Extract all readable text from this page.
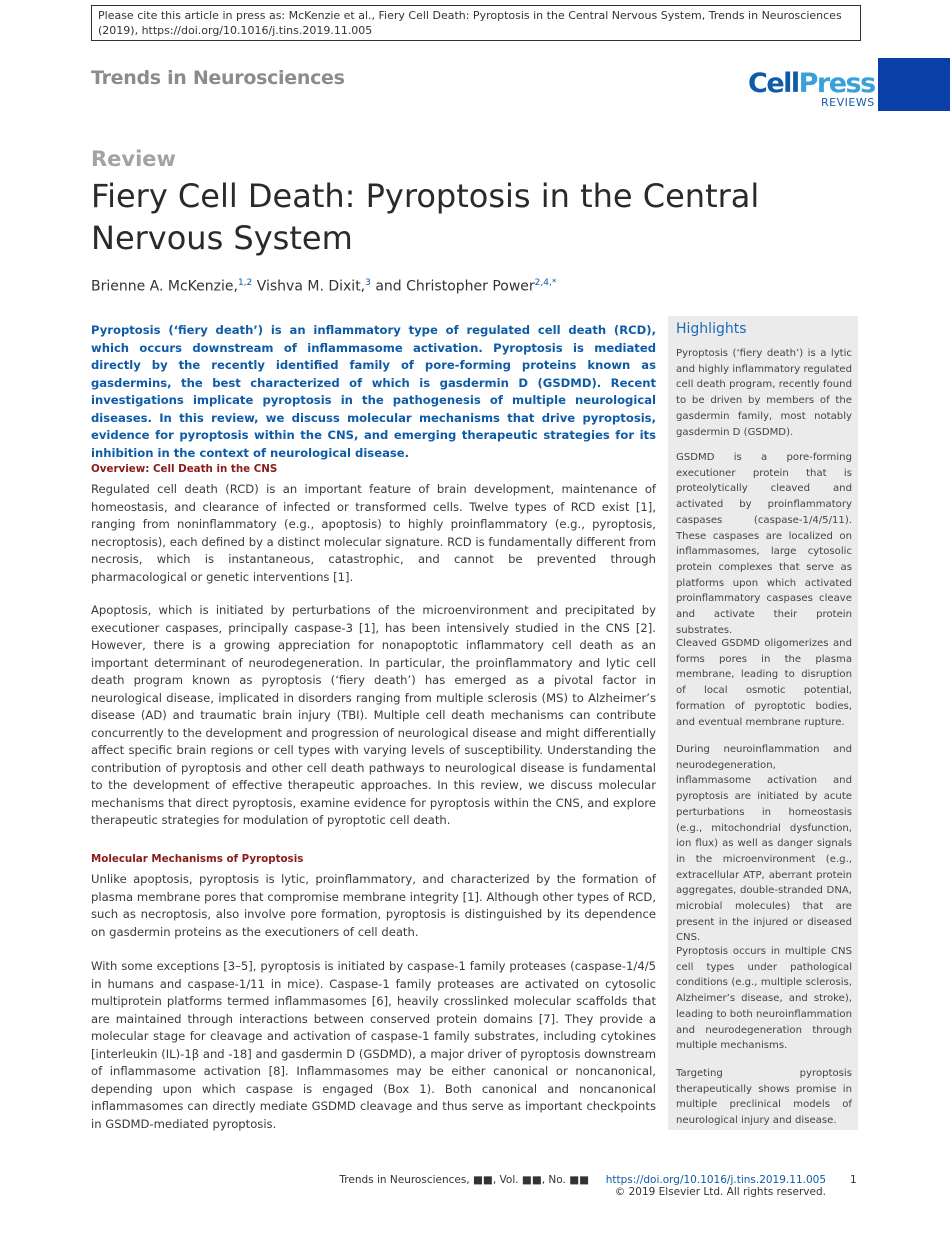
Please cite this article in press as: McKenzie et al., Fiery Cell Death: Pyroptosis in the Central Nervous System, Trends in Neurosciences (2019), https://doi.org/10.1016/j.tins.2019.11.005
Trends in Neurosciences	CellPress
REVIEWS
Review
Fiery Cell Death: Pyroptosis in the Central Nervous System
Brienne A. McKenzie,$^{1,2}$ Vishva M. Dixit,$^3$ and Christopher Power$^{2,4,*}$
Pyroptosis (‘fiery death’) is an inflammatory type of regulated cell death (RCD), which occurs downstream of inflammasome activation. Pyroptosis is mediated directly by the recently identified family of pore-forming proteins known as gasdermins, the best characterized of which is gasdermin D (GSDMD). Recent investigations implicate pyroptosis in the pathogenesis of multiple neurological diseases. In this review, we discuss molecular mechanisms that drive pyroptosis, evidence for pyroptosis within the CNS, and emerging therapeutic strategies for its inhibition in the context of neurological disease.
Overview: Cell Death in the CNS
Regulated cell death (RCD) is an important feature of brain development, maintenance of homeostasis, and clearance of infected or transformed cells. Twelve types of RCD exist [1], ranging from noninflammatory (e.g., apoptosis) to highly proinflammatory (e.g., pyroptosis, necroptosis), each defined by a distinct molecular signature. RCD is fundamentally different from necrosis, which is instantaneous, catastrophic, and cannot be prevented through pharmacological or genetic interventions [1].
Apoptosis, which is initiated by perturbations of the microenvironment and precipitated by executioner caspases, principally caspase-3 [1], has been intensively studied in the CNS [2]. However, there is a growing appreciation for nonapoptotic inflammatory cell death as an important determinant of neurodegeneration. In particular, the proinflammatory and lytic cell death program known as pyroptosis (‘fiery death’) has emerged as a pivotal factor in neurological disease, implicated in disorders ranging from multiple sclerosis (MS) to Alzheimer’s disease (AD) and traumatic brain injury (TBI). Multiple cell death mechanisms can contribute concurrently to the development and progression of neurological disease and might differentially affect specific brain regions or cell types with varying levels of susceptibility. Understanding the contribution of pyroptosis and other cell death pathways to neurological disease is fundamental to the development of effective therapeutic approaches. In this review, we discuss molecular mechanisms that direct pyroptosis, examine evidence for pyroptosis within the CNS, and explore therapeutic strategies for modulation of pyroptotic cell death.
Molecular Mechanisms of Pyroptosis
Unlike apoptosis, pyroptosis is lytic, proinflammatory, and characterized by the formation of plasma membrane pores that compromise membrane integrity [1]. Although other types of RCD, such as necroptosis, also involve pore formation, pyroptosis is distinguished by its dependence on gasdermin proteins as the executioners of cell death.
With some exceptions [3–5], pyroptosis is initiated by caspase-1 family proteases (caspase-1/4/5 in humans and caspase-1/11 in mice). Caspase-1 family proteases are activated on cytosolic multiprotein platforms termed inflammasomes [6], heavily crosslinked molecular scaffolds that are maintained through interactions between conserved protein domains [7]. They provide a molecular stage for cleavage and activation of caspase-1 family substrates, including cytokines [interleukin (IL)-1β and -18] and gasdermin D (GSDMD), a major driver of pyroptosis downstream of inflammasome activation [8]. Inflammasomes may be either canonical or noncanonical, depending upon which caspase is engaged (Box 1). Both canonical and noncanonical inflammasomes can directly mediate GSDMD cleavage and thus serve as important checkpoints in GSDMD-mediated pyroptosis.
Highlights
Pyroptosis (‘fiery death’) is a lytic and highly inflammatory regulated cell death program, recently found to be driven by members of the gasdermin family, most notably gasdermin D (GSDMD).
GSDMD is a pore-forming executioner protein that is proteolytically cleaved and activated by proinflammatory caspases (caspase-1/4/5/11). These caspases are localized on inflammasomes, large cytosolic protein complexes that serve as platforms upon which activated proinflammatory caspases cleave and activate their protein substrates.
Cleaved GSDMD oligomerizes and forms pores in the plasma membrane, leading to disruption of local osmotic potential, formation of pyroptotic bodies, and eventual membrane rupture.
During neuroinflammation and neurodegeneration, inflammasome activation and pyroptosis are initiated by acute perturbations in homeostasis (e.g., mitochondrial dysfunction, ion flux) as well as danger signals in the microenvironment (e.g., extracellular ATP, aberrant protein aggregates, double-stranded DNA, microbial molecules) that are present in the injured or diseased CNS.
Pyroptosis occurs in multiple CNS cell types under pathological conditions (e.g., multiple sclerosis, Alzheimer’s disease, and stroke), leading to both neuroinflammation and neurodegeneration through multiple mechanisms.
Targeting pyroptosis therapeutically shows promise in multiple preclinical models of neurological injury and disease.
Trends in Neurosciences, ■■, Vol. ■■, No. ■■ https://doi.org/10.1016/j.tins.2019.11.005
© 2019 Elsevier Ltd. All rights reserved.
1
